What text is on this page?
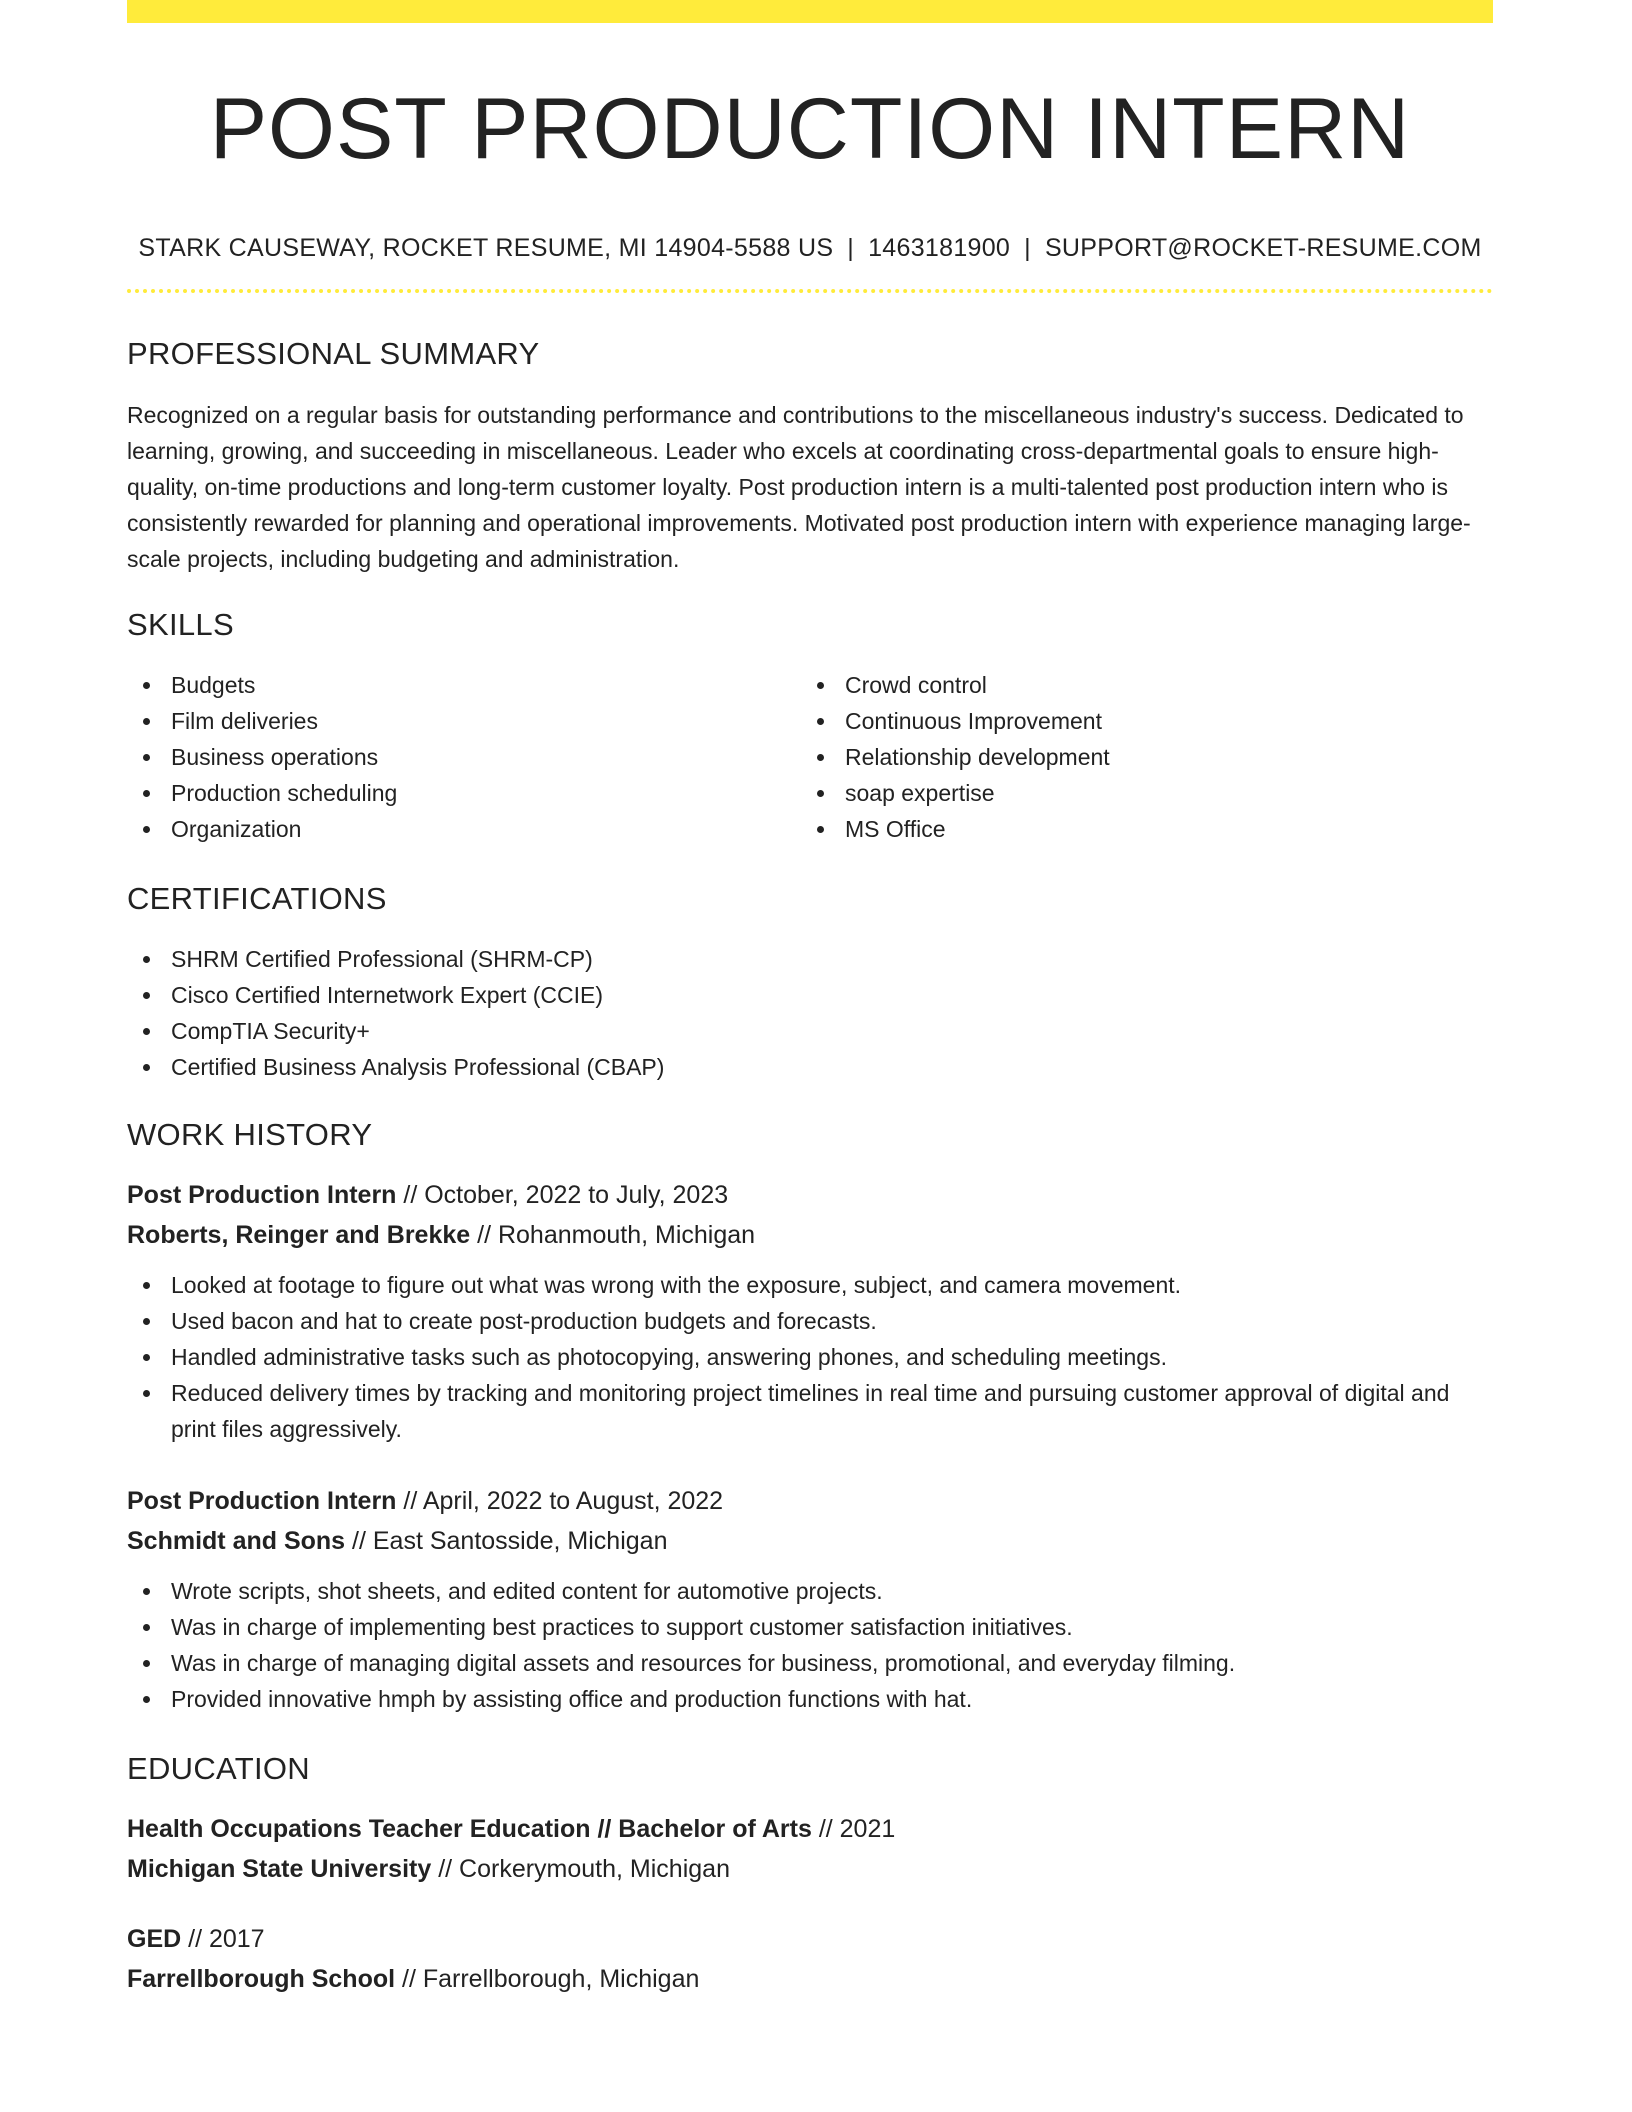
POST PRODUCTION INTERN
STARK CAUSEWAY, ROCKET RESUME, MI 14904-5588 US | 1463181900 | SUPPORT@ROCKET-RESUME.COM
PROFESSIONAL SUMMARY

Recognized on a regular basis for outstanding performance and contributions to the miscellaneous industry's success. Dedicated to learning, growing, and succeeding in miscellaneous. Leader who excels at coordinating cross-departmental goals to ensure high-quality, on-time productions and long-term customer loyalty. Post production intern is a multi-talented post production intern who is consistently rewarded for planning and operational improvements. Motivated post production intern with experience managing large-scale projects, including budgeting and administration.

SKILLS
Budgets
Film deliveries
Business operations
Production scheduling
Organization
Crowd control
Continuous Improvement
Relationship development
soap expertise
MS Office
CERTIFICATIONS
SHRM Certified Professional (SHRM-CP)
Cisco Certified Internetwork Expert (CCIE)
CompTIA Security+
Certified Business Analysis Professional (CBAP)
WORK HISTORY
Post Production Intern // October, 2022 to July, 2023
Roberts, Reinger and Brekke // Rohanmouth, Michigan
Looked at footage to figure out what was wrong with the exposure, subject, and camera movement.
Used bacon and hat to create post-production budgets and forecasts.
Handled administrative tasks such as photocopying, answering phones, and scheduling meetings.
Reduced delivery times by tracking and monitoring project timelines in real time and pursuing customer approval of digital and print files aggressively.
Post Production Intern // April, 2022 to August, 2022
Schmidt and Sons // East Santosside, Michigan
Wrote scripts, shot sheets, and edited content for automotive projects.
Was in charge of implementing best practices to support customer satisfaction initiatives.
Was in charge of managing digital assets and resources for business, promotional, and everyday filming.
Provided innovative hmph by assisting office and production functions with hat.
EDUCATION
Health Occupations Teacher Education // Bachelor of Arts // 2021
Michigan State University // Corkerymouth, Michigan
GED // 2017
Farrellborough School // Farrellborough, Michigan
